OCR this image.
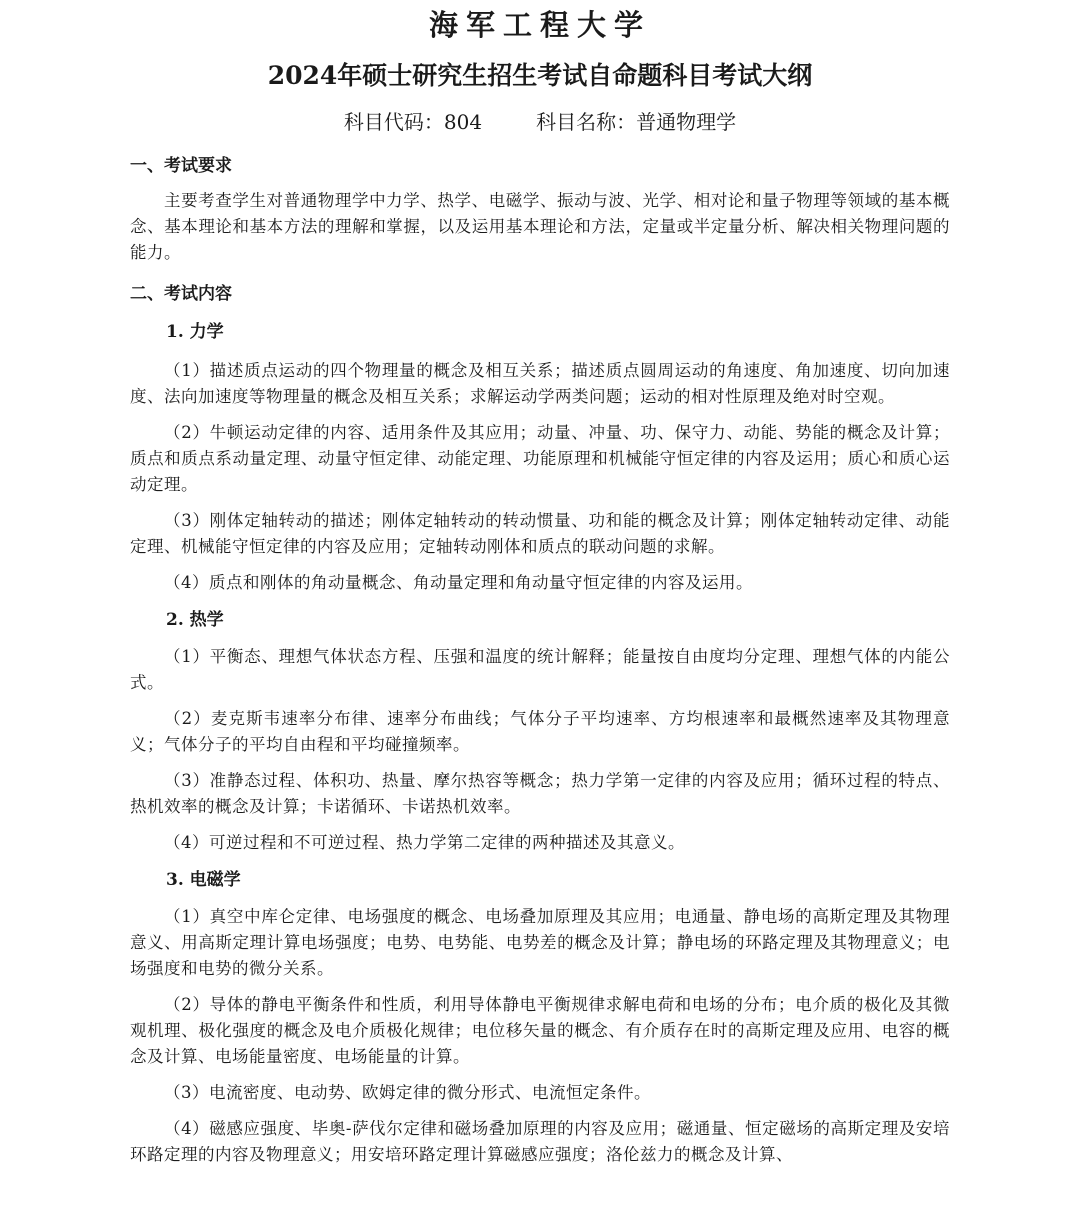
海军工程大学
2024年硕士研究生招生考试自命题科目考试大纲
科目代码：804	科目名称：普通物理学
一、考试要求

主要考查学生对普通物理学中力学、热学、电磁学、振动与波、光学、相对论和量子物理等领域的基本概念、基本理论和基本方法的理解和掌握，以及运用基本理论和方法，定量或半定量分析、解决相关物理问题的能力。

二、考试内容
1. 力学

（1）描述质点运动的四个物理量的概念及相互关系；描述质点圆周运动的角速度、角加速度、切向加速度、法向加速度等物理量的概念及相互关系；求解运动学两类问题；运动的相对性原理及绝对时空观。

（2）牛顿运动定律的内容、适用条件及其应用；动量、冲量、功、保守力、动能、势能的概念及计算；质点和质点系动量定理、动量守恒定律、动能定理、功能原理和机械能守恒定律的内容及运用；质心和质心运动定理。

（3）刚体定轴转动的描述；刚体定轴转动的转动惯量、功和能的概念及计算；刚体定轴转动定律、动能定理、机械能守恒定律的内容及应用；定轴转动刚体和质点的联动问题的求解。

（4）质点和刚体的角动量概念、角动量定理和角动量守恒定律的内容及运用。

2. 热学

（1）平衡态、理想气体状态方程、压强和温度的统计解释；能量按自由度均分定理、理想气体的内能公式。

（2）麦克斯韦速率分布律、速率分布曲线；气体分子平均速率、方均根速率和最概然速率及其物理意义；气体分子的平均自由程和平均碰撞频率。

（3）准静态过程、体积功、热量、摩尔热容等概念；热力学第一定律的内容及应用；循环过程的特点、热机效率的概念及计算；卡诺循环、卡诺热机效率。

（4）可逆过程和不可逆过程、热力学第二定律的两种描述及其意义。

3. 电磁学

（1）真空中库仑定律、电场强度的概念、电场叠加原理及其应用；电通量、静电场的高斯定理及其物理意义、用高斯定理计算电场强度；电势、电势能、电势差的概念及计算；静电场的环路定理及其物理意义；电场强度和电势的微分关系。

（2）导体的静电平衡条件和性质，利用导体静电平衡规律求解电荷和电场的分布；电介质的极化及其微观机理、极化强度的概念及电介质极化规律；电位移矢量的概念、有介质存在时的高斯定理及应用、电容的概念及计算、电场能量密度、电场能量的计算。

（3）电流密度、电动势、欧姆定律的微分形式、电流恒定条件。

（4）磁感应强度、毕奥-萨伐尔定律和磁场叠加原理的内容及应用；磁通量、恒定磁场的高斯定理及安培环路定理的内容及物理意义；用安培环路定理计算磁感应强度；洛伦兹力的概念及计算、
